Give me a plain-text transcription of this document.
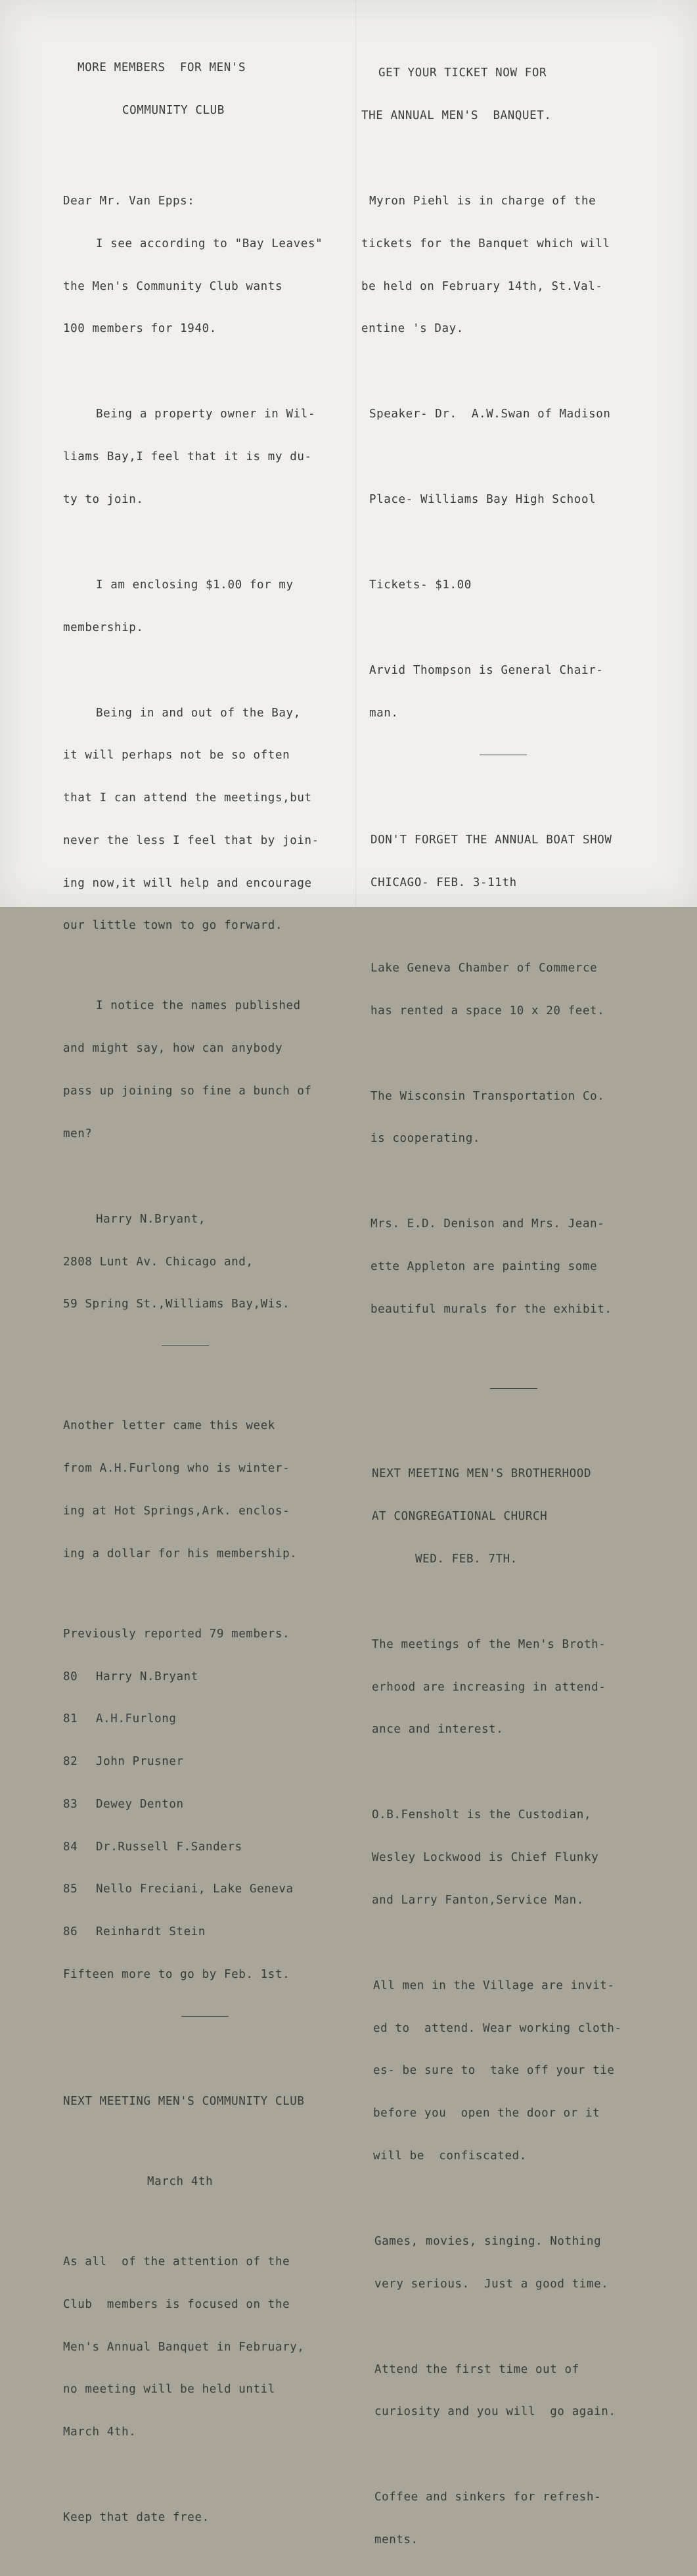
MORE MEMBERS  FOR MEN'S

COMMUNITY CLUB

Dear Mr. Van Epps:

I see according to "Bay Leaves"

the Men's Community Club wants

100 members for 1940.

Being a property owner in Wil-

liams Bay,I feel that it is my du-

ty to join.

I am enclosing $1.00 for my

membership.

Being in and out of the Bay,

it will perhaps not be so often

that I can attend the meetings,but

never the less I feel that by join-

ing now,it will help and encourage

our little town to go forward.

I notice the names published

and might say, how can anybody

pass up joining so fine a bunch of

men?

Harry N.Bryant,

2808 Lunt Av. Chicago and,

59 Spring St.,Williams Bay,Wis.

Another letter came this week

from A.H.Furlong who is winter-

ing at Hot Springs,Ark. enclos-

ing a dollar for his membership.

Previously reported 79 members.

80 Harry N.Bryant

81 A.H.Furlong

82 John Prusner

83 Dewey Denton

84 Dr.Russell F.Sanders

85 Nello Freciani, Lake Geneva

86 Reinhardt Stein

Fifteen more to go by Feb. 1st.

NEXT MEETING MEN'S COMMUNITY CLUB

March 4th

As all  of the attention of the

Club  members is focused on the

Men's Annual Banquet in February,

no meeting will be held until

March 4th.

Keep that date free.

GET YOUR TICKET NOW FOR

THE ANNUAL MEN'S  BANQUET.

Myron Piehl is in charge of the

tickets for the Banquet which will

be held on February 14th, St.Val-

entine 's Day.

Speaker- Dr.  A.W.Swan of Madison

Place- Williams Bay High School

Tickets- $1.00

Arvid Thompson is General Chair-

man.

DON'T FORGET THE ANNUAL BOAT SHOW

CHICAGO- FEB. 3-11th

Lake Geneva Chamber of Commerce

has rented a space 10 x 20 feet.

The Wisconsin Transportation Co.

is cooperating.

Mrs. E.D. Denison and Mrs. Jean-

ette Appleton are painting some

beautiful murals for the exhibit.

NEXT MEETING MEN'S BROTHERHOOD

AT CONGREGATIONAL CHURCH

WED. FEB. 7TH.

The meetings of the Men's Broth-

erhood are increasing in attend-

ance and interest.

O.B.Fensholt is the Custodian,

Wesley Lockwood is Chief Flunky

and Larry Fanton,Service Man.

All men in the Village are invit-

ed to  attend. Wear working cloth-

es- be sure to  take off your tie

before you  open the door or it

will be  confiscated.

Games, movies, singing. Nothing

very serious.  Just a good time.

Attend the first time out of

curiosity and you will  go again.

Coffee and sinkers for refresh-

ments.
